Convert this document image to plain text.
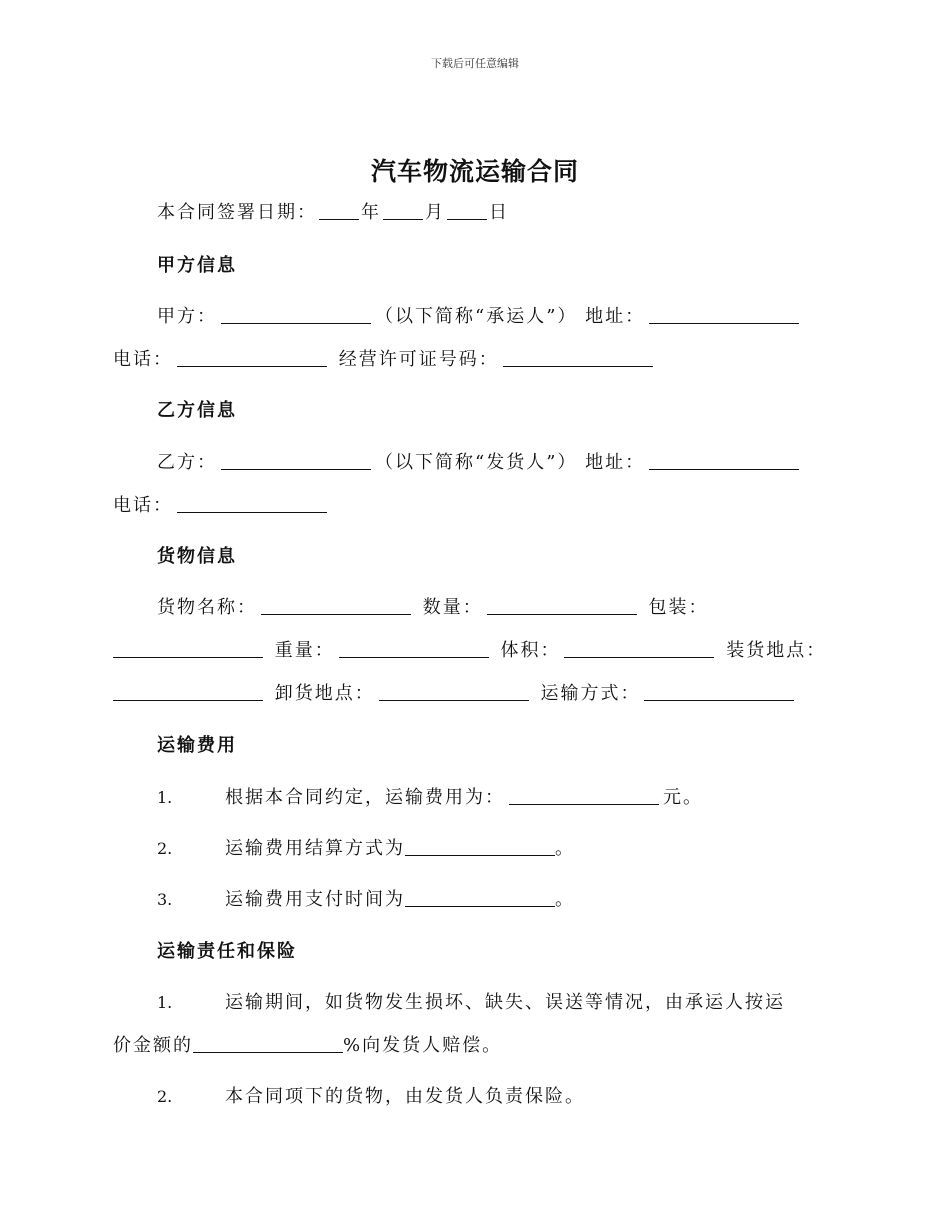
下载后可任意编辑
汽车物流运输合同
本合同签署日期： 年 月 日
甲方信息
甲方：	（以下简称“承运人”） 地址：
电话：	经营许可证号码：
乙方信息
乙方：	（以下简称“发货人”） 地址：
电话：
货物信息
货物名称：	数量：	包装：
重量：	体积：	装货地点：
卸货地点：	运输方式：
运输费用
1.	根据本合同约定，运输费用为：	元。
2.	运输费用结算方式为	。
3.	运输费用支付时间为	。
运输责任和保险
1.	运输期间，如货物发生损坏、缺失、误送等情况，由承运人按运
价金额的	%向发货人赔偿。
2.	本合同项下的货物，由发货人负责保险。
